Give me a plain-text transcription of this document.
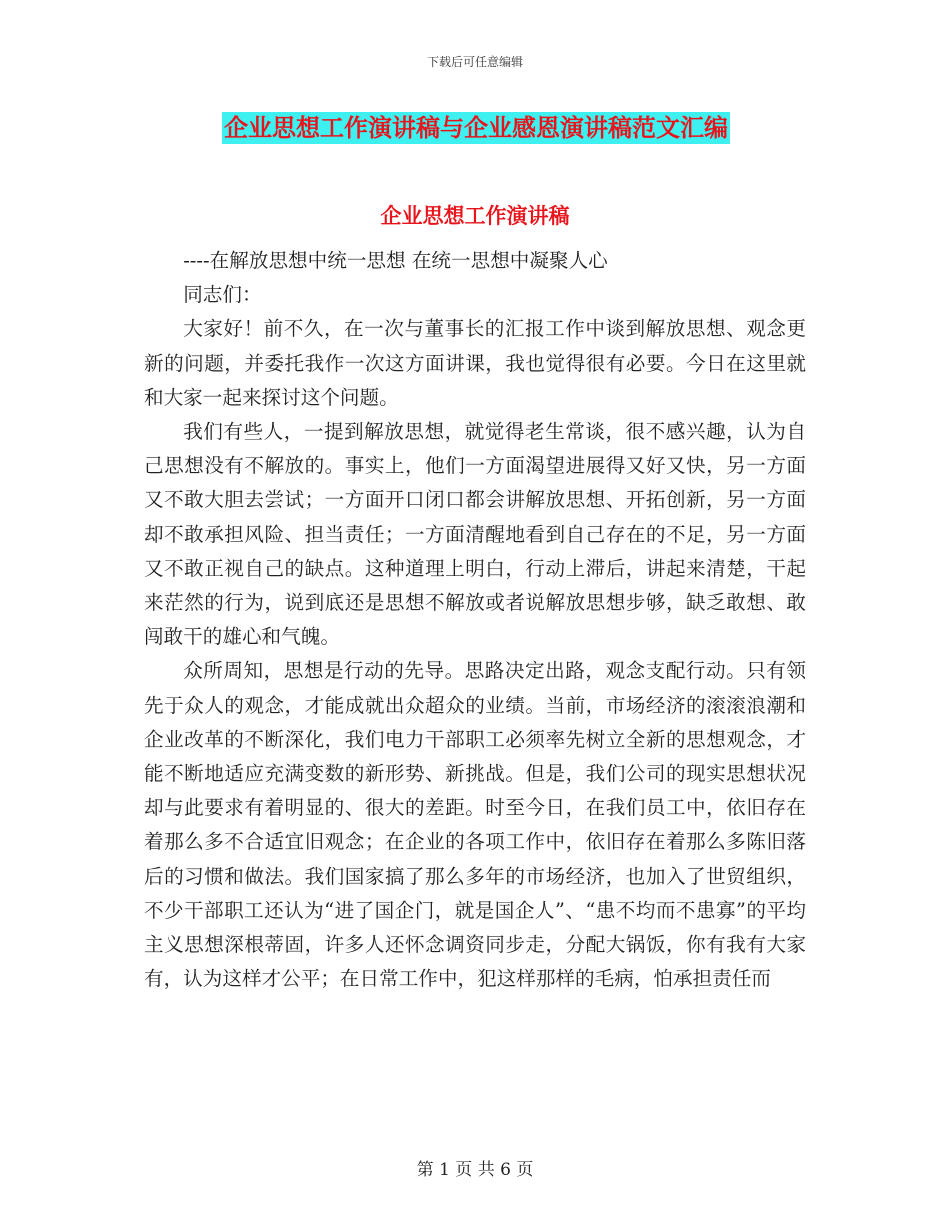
下载后可任意编辑
企业思想工作演讲稿与企业感恩演讲稿范文汇编
企业思想工作演讲稿

----在解放思想中统一思想 在统一思想中凝聚人心

同志们：

大家好！前不久，在一次与董事长的汇报工作中谈到解放思想、观念更新的问题，并委托我作一次这方面讲课，我也觉得很有必要。今日在这里就和大家一起来探讨这个问题。

我们有些人，一提到解放思想，就觉得老生常谈，很不感兴趣，认为自己思想没有不解放的。事实上，他们一方面渴望进展得又好又快，另一方面又不敢大胆去尝试；一方面开口闭口都会讲解放思想、开拓创新，另一方面却不敢承担风险、担当责任；一方面清醒地看到自己存在的不足，另一方面又不敢正视自己的缺点。这种道理上明白，行动上滞后，讲起来清楚，干起来茫然的行为，说到底还是思想不解放或者说解放思想步够，缺乏敢想、敢闯敢干的雄心和气魄。

众所周知，思想是行动的先导。思路决定出路，观念支配行动。只有领先于众人的观念，才能成就出众超众的业绩。当前，市场经济的滚滚浪潮和企业改革的不断深化，我们电力干部职工必须率先树立全新的思想观念，才能不断地适应充满变数的新形势、新挑战。但是，我们公司的现实思想状况却与此要求有着明显的、很大的差距。时至今日，在我们员工中，依旧存在着那么多不合适宜旧观念；在企业的各项工作中，依旧存在着那么多陈旧落后的习惯和做法。我们国家搞了那么多年的市场经济，也加入了世贸组织，不少干部职工还认为“进了国企门，就是国企人”、“患不均而不患寡”的平均主义思想深根蒂固，许多人还怀念调资同步走，分配大锅饭，你有我有大家有，认为这样才公平；在日常工作中，犯这样那样的毛病，怕承担责任而

第 1 页 共 6 页
